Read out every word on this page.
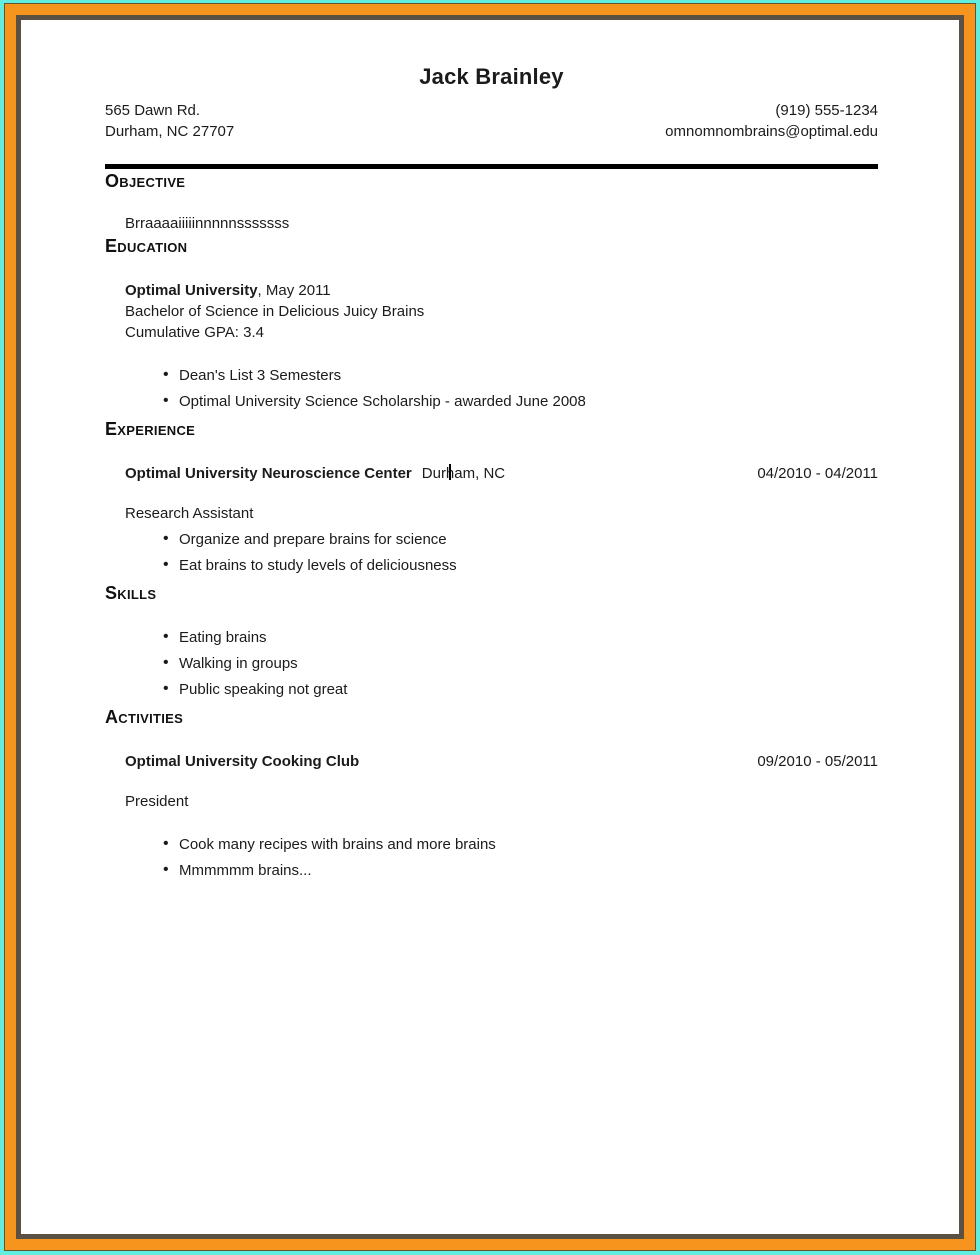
Jack Brainley
565 Dawn Rd.
Durham, NC 27707
(919) 555-1234
omnomnombrains@optimal.edu
Objective
Brraaaaiiiiinnnnnsssssss
Education
Optimal University, May 2011
Bachelor of Science in Delicious Juicy Brains
Cumulative GPA: 3.4
• Dean's List 3 Semesters
• Optimal University Science Scholarship - awarded June 2008
Experience
Optimal University Neuroscience Center Durham, NC	04/2010 - 04/2011
Research Assistant
• Organize and prepare brains for science
• Eat brains to study levels of deliciousness
Skills
• Eating brains
• Walking in groups
• Public speaking not great
Activities
Optimal University Cooking Club	09/2010 - 05/2011
President
• Cook many recipes with brains and more brains
• Mmmmmm brains...
